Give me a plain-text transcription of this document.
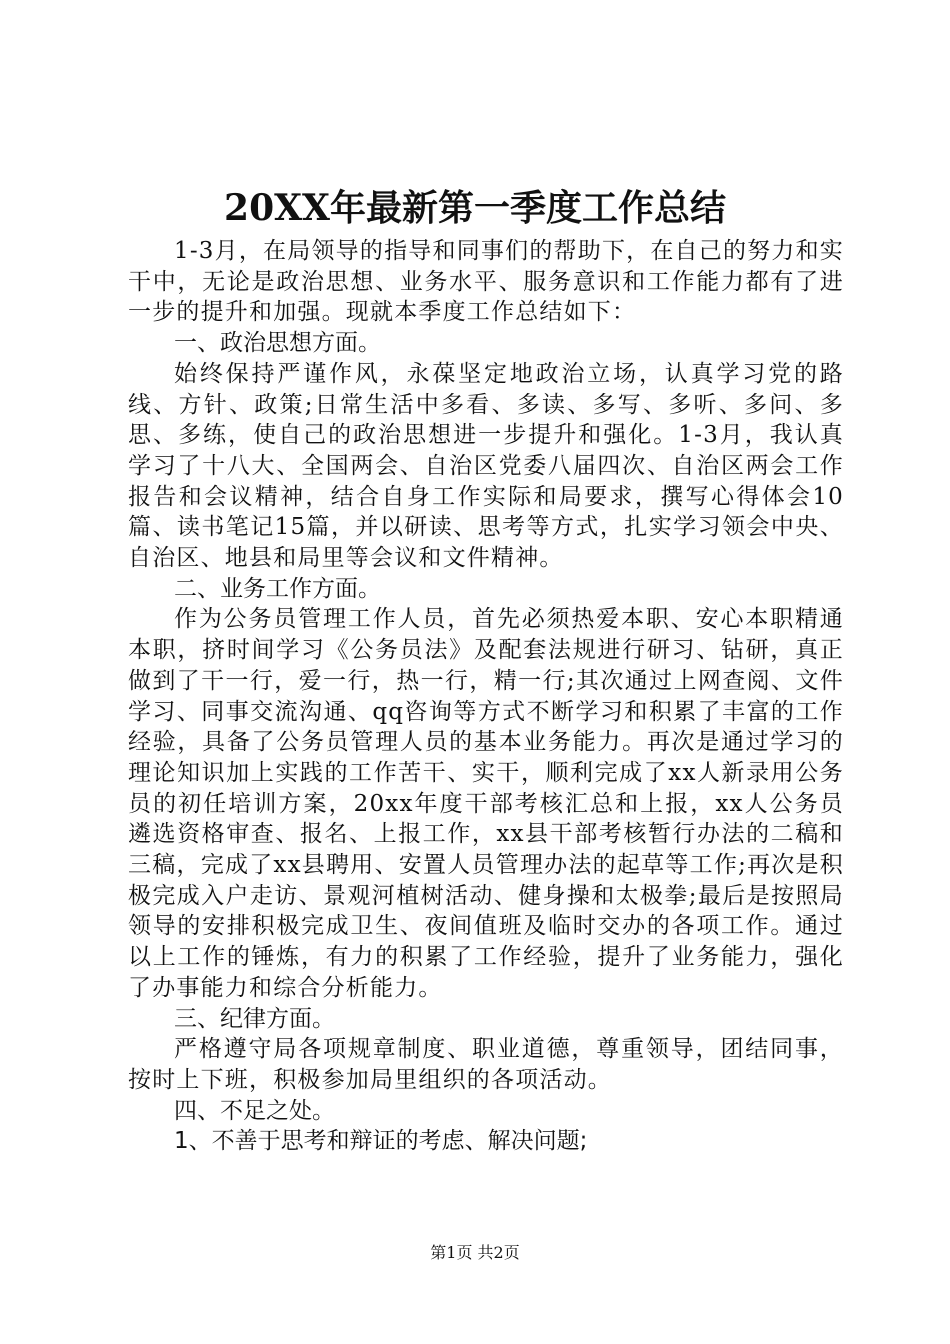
20XX年最新第一季度工作总结

1-3月，在局领导的指导和同事们的帮助下，在自己的努力和实干中，无论是政治思想、业务水平、服务意识和工作能力都有了进一步的提升和加强。现就本季度工作总结如下：

一、政治思想方面。

始终保持严谨作风，永葆坚定地政治立场，认真学习党的路线、方针、政策;日常生活中多看、多读、多写、多听、多问、多思、多练，使自己的政治思想进一步提升和强化。1-3月，我认真学习了十八大、全国两会、自治区党委八届四次、自治区两会工作报告和会议精神，结合自身工作实际和局要求，撰写心得体会10篇、读书笔记15篇，并以研读、思考等方式，扎实学习领会中央、自治区、地县和局里等会议和文件精神。

二、业务工作方面。

作为公务员管理工作人员，首先必须热爱本职、安心本职精通本职，挤时间学习《公务员法》及配套法规进行研习、钻研，真正做到了干一行，爱一行，热一行，精一行;其次通过上网查阅、文件学习、同事交流沟通、qq咨询等方式不断学习和积累了丰富的工作经验，具备了公务员管理人员的基本业务能力。再次是通过学习的理论知识加上实践的工作苦干、实干，顺利完成了xx人新录用公务员的初任培训方案，20xx年度干部考核汇总和上报，xx人公务员遴选资格审查、报名、上报工作，xx县干部考核暂行办法的二稿和三稿，完成了xx县聘用、安置人员管理办法的起草等工作;再次是积极完成入户走访、景观河植树活动、健身操和太极拳;最后是按照局领导的安排积极完成卫生、夜间值班及临时交办的各项工作。通过以上工作的锤炼，有力的积累了工作经验，提升了业务能力，强化了办事能力和综合分析能力。

三、纪律方面。

严格遵守局各项规章制度、职业道德，尊重领导，团结同事，按时上下班，积极参加局里组织的各项活动。

四、不足之处。

1、不善于思考和辩证的考虑、解决问题;

第1页 共2页
